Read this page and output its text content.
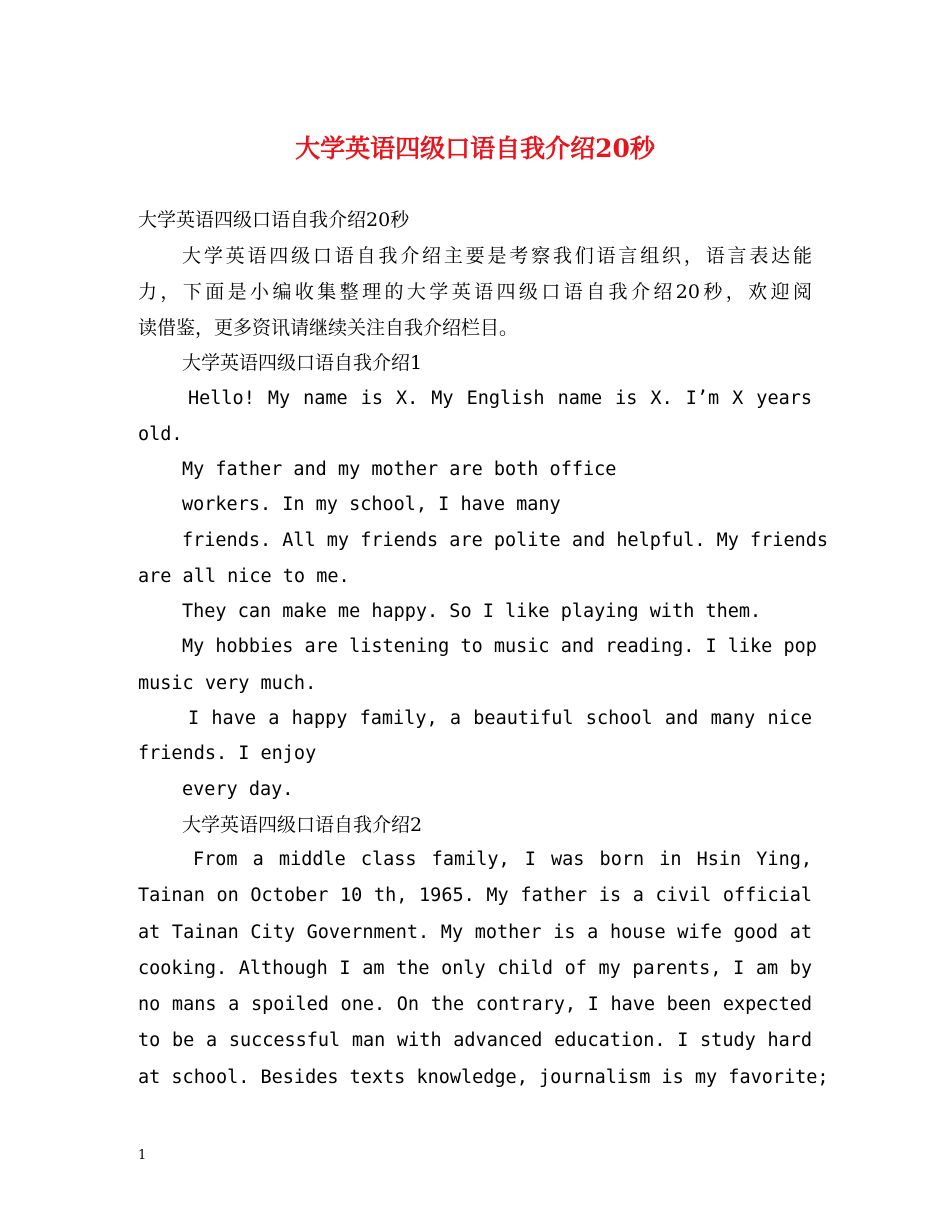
大学英语四级口语自我介绍20秒
大学英语四级口语自我介绍20秒
大学英语四级口语自我介绍主要是考察我们语言组织，语言表达能
力，下面是小编收集整理的大学英语四级口语自我介绍20秒，欢迎阅
读借鉴，更多资讯请继续关注自我介绍栏目。
大学英语四级口语自我介绍1
Hello! My name is X. My English name is X. I’m X years
old.
My father and my mother are both office
workers. In my school, I have many
friends. All my friends are polite and helpful. My friends
are all nice to me.
They can make me happy. So I like playing with them.
My hobbies are listening to music and reading. I like pop
music very much.
I have a happy family, a beautiful school and many nice
friends. I enjoy
every day.
大学英语四级口语自我介绍2
From a middle class family, I was born in Hsin Ying,
Tainan on October 10 th, 1965. My father is a civil official
at Tainan City Government. My mother is a house wife good at
cooking. Although I am the only child of my parents, I am by
no mans a spoiled one. On the contrary, I have been expected
to be a successful man with advanced education. I study hard
at school. Besides texts knowledge, journalism is my favorite;
1
